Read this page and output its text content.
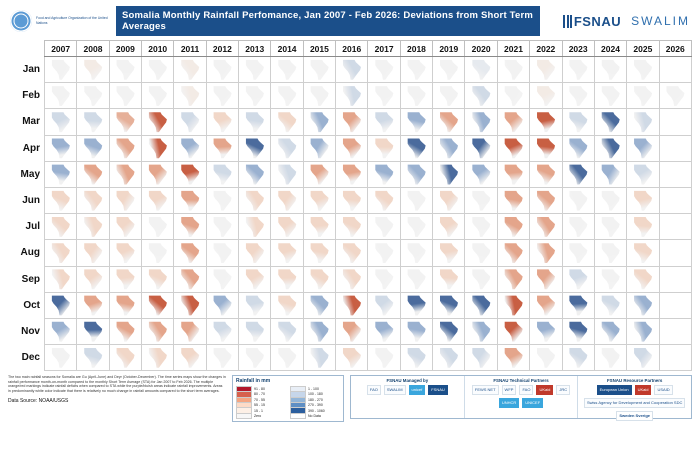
Food and Agriculture Organization of the United Nations
Somalia Monthly Rainfall Perfomance, Jan 2007 - Feb 2026: Deviations from Short Term Averages	FSNAU SWALIM
	2007	2008	2009	2010	2011	2012	2013	2014	2015	2016	2017	2018	2019	2020	2021	2022	2023	2024	2025	2026
Jan	

Feb	

Mar	

Apr	

May	

Jun	

Jul	

Aug	

Sep	

Oct	

Nov	

Dec	

The two main rainfall seasons for Somalia are Gu (April-June) and Deyr (October-December). The time series maps show the changes in rainfall performance month-on-month compared to the monthly Short Term Average (STA) for Jan 2007 to Feb 2026. The multiple orange/red markings indicate rainfall deficits when compared to STA while the purple/bluish areas indicate rainfall improvements. Areas in predominantly white color indicate that there is relatively no much change in rainfall amounts compared to the short term averages.
Data Source: NOAA/USGS
Rainfall in mm
91 - 80
80 - 70
70 - 55
55 - 15
15 - 1
Zero
1 - 100
100 - 180
180 - 270
270 - 390
390 - 1060
No Data
FSNAU Managed by
FAO	SWALIM	unicef	FSNAU
FSNAU Technical Partners
FEWS NET	WFP	FAO	UKaid	JRC
UNHCR	UNICEF
FSNAU Resource Partners
European Union	UKaid	USAID
Swiss Agency for Development and Cooperation SDC
Sweden Sverige
